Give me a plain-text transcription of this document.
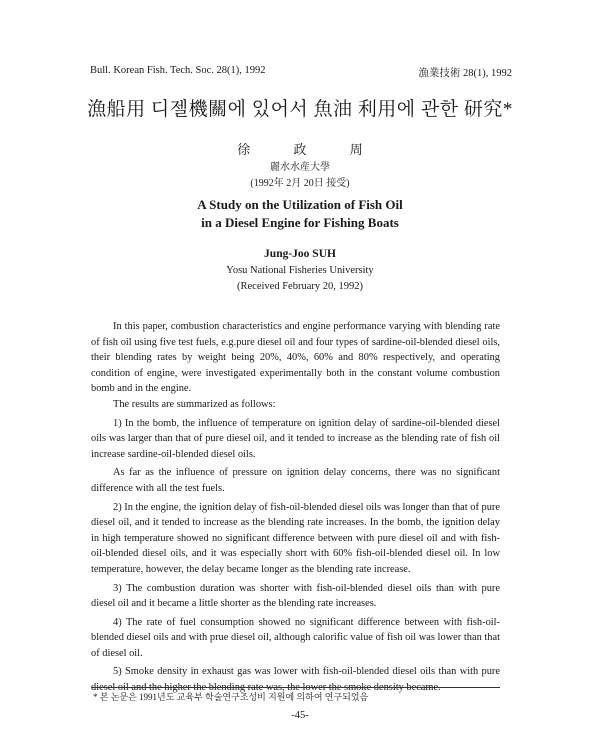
Bull. Korean Fish. Tech. Soc. 28(1), 1992	漁業技術 28(1), 1992
漁船用 디젤機關에 있어서 魚油 利用에 관한 研究*
徐 政 周
麗水水産大學
(1992年 2月 20日 接受)
A Study on the Utilization of Fish Oil
in a Diesel Engine for Fishing Boats
Jung-Joo SUH
Yosu National Fisheries University
(Received February 20, 1992)

In this paper, combustion characteristics and engine performance varying with blending rate of fish oil using five test fuels, e.g.pure diesel oil and four types of sardine-oil-blended diesel oils, their blending rates by weight being 20%, 40%, 60% and 80% respectively, and operating condition of engine, were investigated experimentally both in the constant volume combustion bomb and in the engine.

The results are summarized as follows:

1) In the bomb, the influence of temperature on ignition delay of sardine-oil-blended diesel oils was larger than that of pure diesel oil, and it tended to increase as the blending rate of fish oil increase sardine-oil-blended diesel oils.

As far as the influence of pressure on ignition delay concerns, there was no significant difference with all the test fuels.

2) In the engine, the ignition delay of fish-oil-blended diesel oils was longer than that of pure diesel oil, and it tended to increase as the blending rate increases. In the bomb, the ignition delay in high temperature showed no significant difference between with pure diesel oil and with fish-oil-blended diesel oils, and it was especially short with 60% fish-oil-blended diesel oil. In low temperature, however, the delay became longer as the blending rate increase.

3) The combustion duration was shorter with fish-oil-blended diesel oils than with pure diesel oil and it became a little shorter as the blending rate increases.

4) The rate of fuel consumption showed no significant difference between with fish-oil-blended diesel oils and with prue diesel oil, although calorific value of fish oil was lower than that of diesel oil.

5) Smoke density in exhaust gas was lower with fish-oil-blended diesel oils than with pure diesel oil and the higher the blending rate was, the lower the smoke density became.

* 본 논문은 1991년도 교육부 학술연구조성비 지원에 의하여 연구되었음
-45-
